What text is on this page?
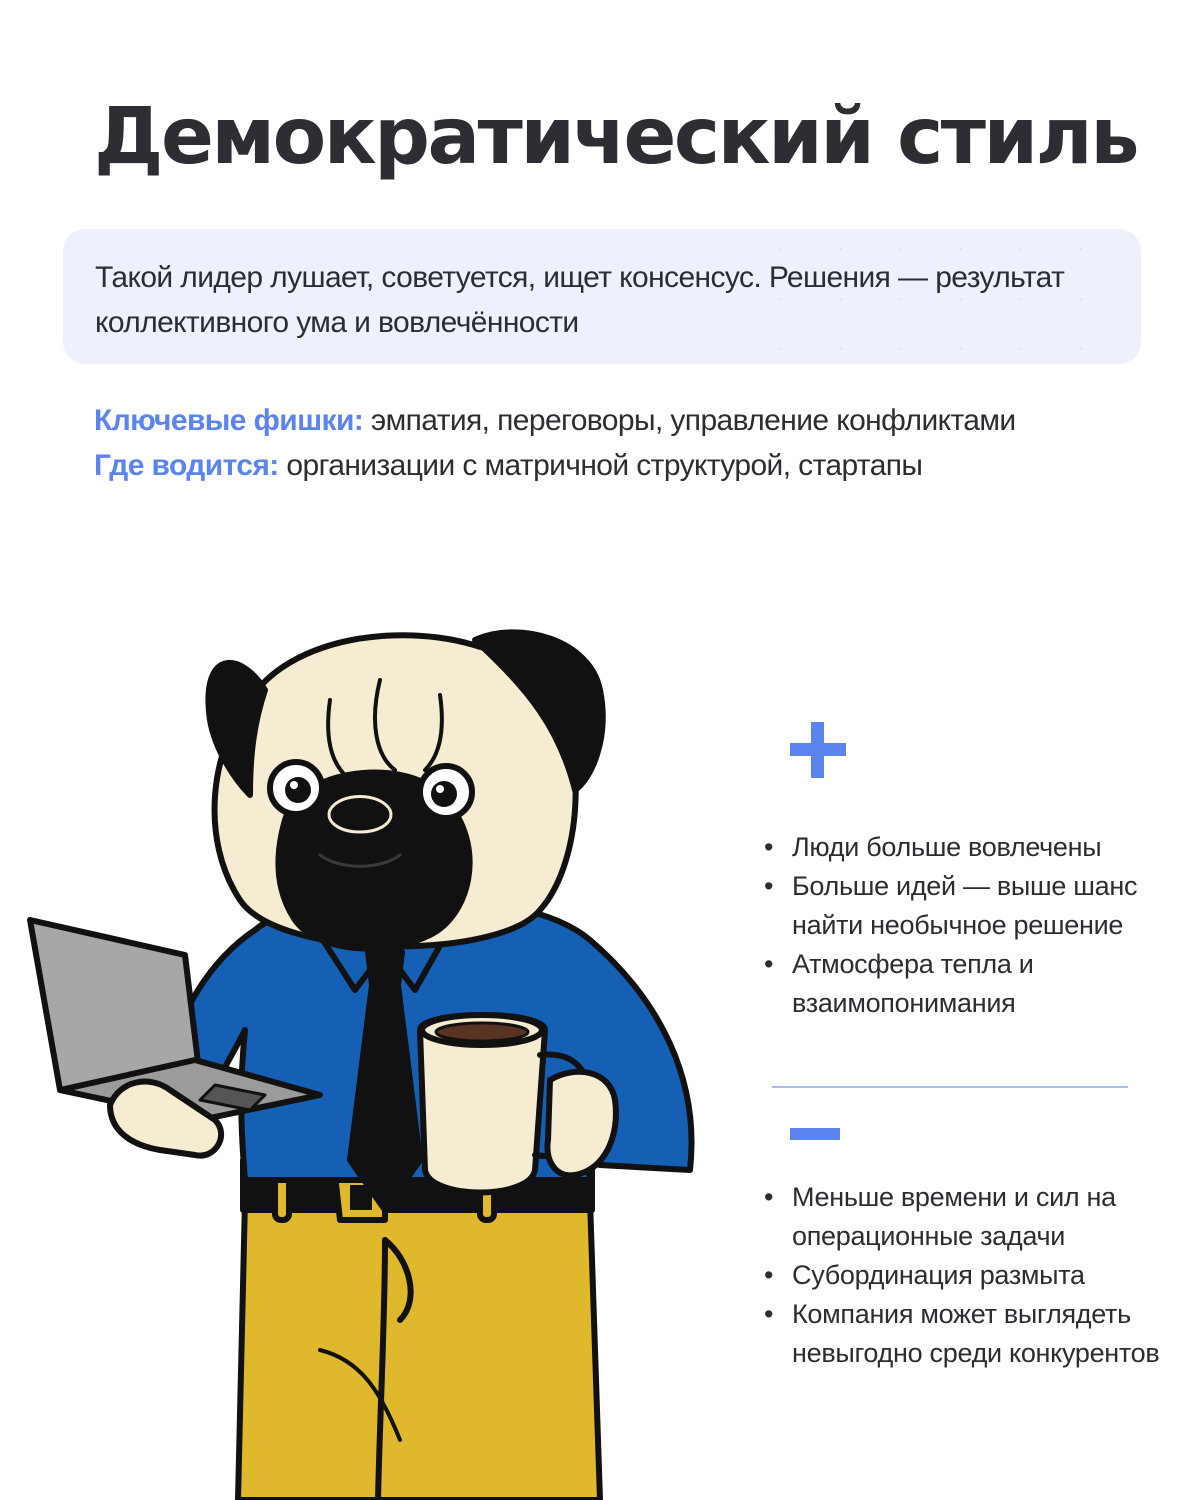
Демократический стиль

Такой лидер лушает, советуется, ищет консенсус. Решения — результат коллективного ума и вовлечённости

Ключевые фишки: эмпатия, переговоры, управление конфликтами
Где водится: организации с матричной структурой, стартапы
• Люди больше вовлечены
• Больше идей — выше шанс найти необычное решение
• Атмосфера тепла и взаимопонимания
• Меньше времени и сил на операционные задачи
• Субординация размыта
• Компания может выглядеть невыгодно среди конкурентов
